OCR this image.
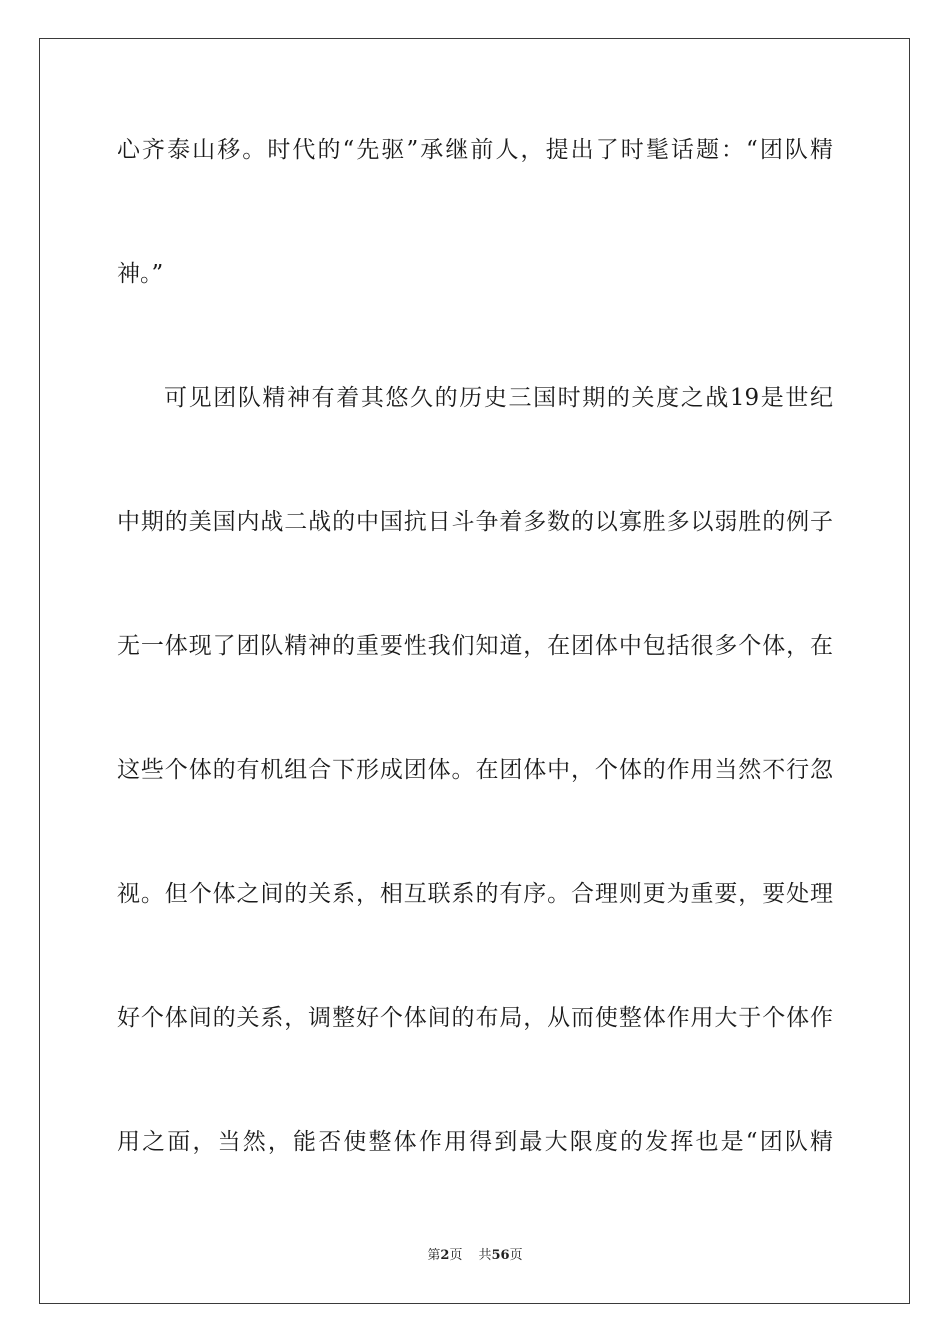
心齐泰山移。时代的“先驱”承继前人，提出了时髦话题：“团队精
神。”
可见团队精神有着其悠久的历史三国时期的关度之战19是世纪
中期的美国内战二战的中国抗日斗争着多数的以寡胜多以弱胜的例子
无一体现了团队精神的重要性我们知道，在团体中包括很多个体，在
这些个体的有机组合下形成团体。在团体中，个体的作用当然不行忽
视。但个体之间的关系，相互联系的有序。合理则更为重要，要处理
好个体间的关系，调整好个体间的布局，从而使整体作用大于个体作
用之面，当然，能否使整体作用得到最大限度的发挥也是“团队精
第2页 共56页
